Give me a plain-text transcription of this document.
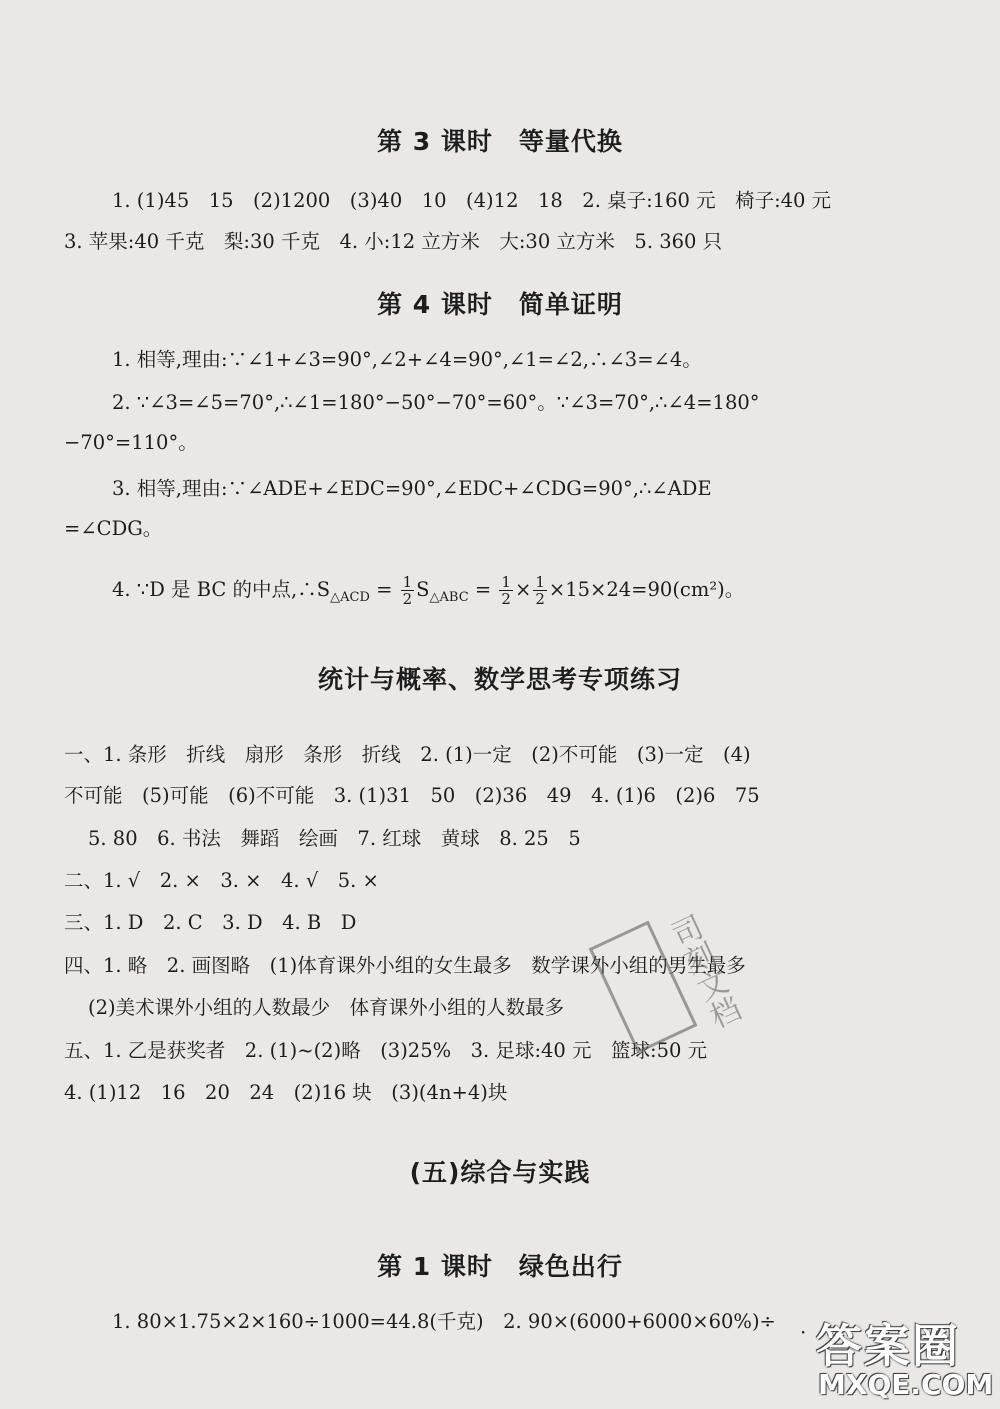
第 3 课时　等量代换

1. (1)45　15　(2)1200　(3)40　10　(4)12　18　2. 桌子:160 元　椅子:40 元

3. 苹果:40 千克　梨:30 千克　4. 小:12 立方米　大:30 立方米　5. 360 只

第 4 课时　简单证明

1. 相等,理由:∵∠1+∠3=90°,∠2+∠4=90°,∠1=∠2,∴∠3=∠4。

2. ∵∠3=∠5=70°,∴∠1=180°−50°−70°=60°。∵∠3=70°,∴∠4=180°

−70°=110°。

3. 相等,理由:∵∠ADE+∠EDC=90°,∠EDC+∠CDG=90°,∴∠ADE

=∠CDG。

4. ∵D 是 BC 的中点$,\therefore S_{\triangle ACD} = \frac{1}{2} S_{\triangle ABC} = \frac{1}{2} \times \frac{1}{2} \times 15\times 24=90(cm^2)$。

统计与概率、数学思考专项练习

一、1. 条形　折线　扇形　条形　折线　2. (1)一定　(2)不可能　(3)一定　(4)

不可能　(5)可能　(6)不可能　3. (1)31　50　(2)36　49　4. (1)6　(2)6　75

5. 80　6. 书法　舞蹈　绘画　7. 红球　黄球　8. 25　5

二、1. √　2. ×　3. ×　4. √　5. ×

三、1. D　2. C　3. D　4. B　D

四、1. 略　2. 画图略　(1)体育课外小组的女生最多　数学课外小组的男生最多

(2)美术课外小组的人数最少　体育课外小组的人数最多

五、1. 乙是获奖者　2. (1)~(2)略　(3)25%　3. 足球:40 元　篮球:50 元

4. (1)12　16　20　24　(2)16 块　(3)(4n+4)块

(五)综合与实践
第 1 课时　绿色出行

1. 80×1.75×2×160÷1000=44.8(千克)　2. 90×(6000+6000×60%)÷

司刻文档
· 答案圈
MXQE.COM
